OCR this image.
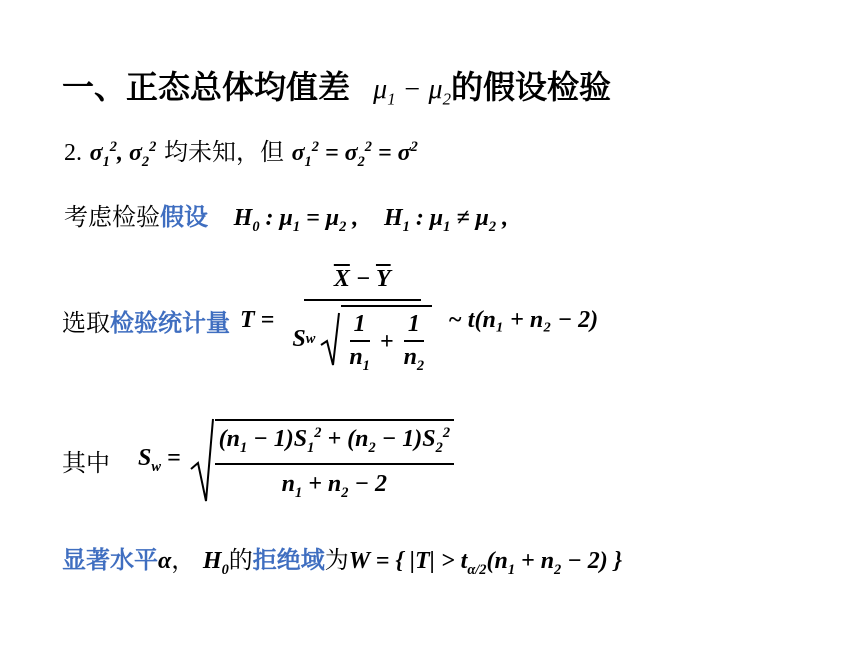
一、正态总体均值差 $\mu_1 - \mu_2$的假设检验
2. $\sigma_1^2$, $\sigma_2^2$ 均未知，但 $\sigma_1^2 = \sigma_2^2 = \sigma^2$
考虑检验假设 $H_0$ : $\mu_1 = \mu_2$ , $H_1$ : $\mu_1 \ne \mu_2$ ,
选取 检验统计量 $T = \frac{\overline{X} - \overline{Y}}{S w \frac{1}{n_1} + \frac{1}{n_2}}$ ~ t(n₁ + n₂ − 2)
其中 $S_w = \frac{(n_1 - 1)S_1^2 + (n_2 - 1)S_2^2}{n_1 + n_2 - 2}$
显著水平α， $H_0$的拒绝域为W = { $|T| > t_{\alpha/2}(n_1 + n_2 - 2)$ }
